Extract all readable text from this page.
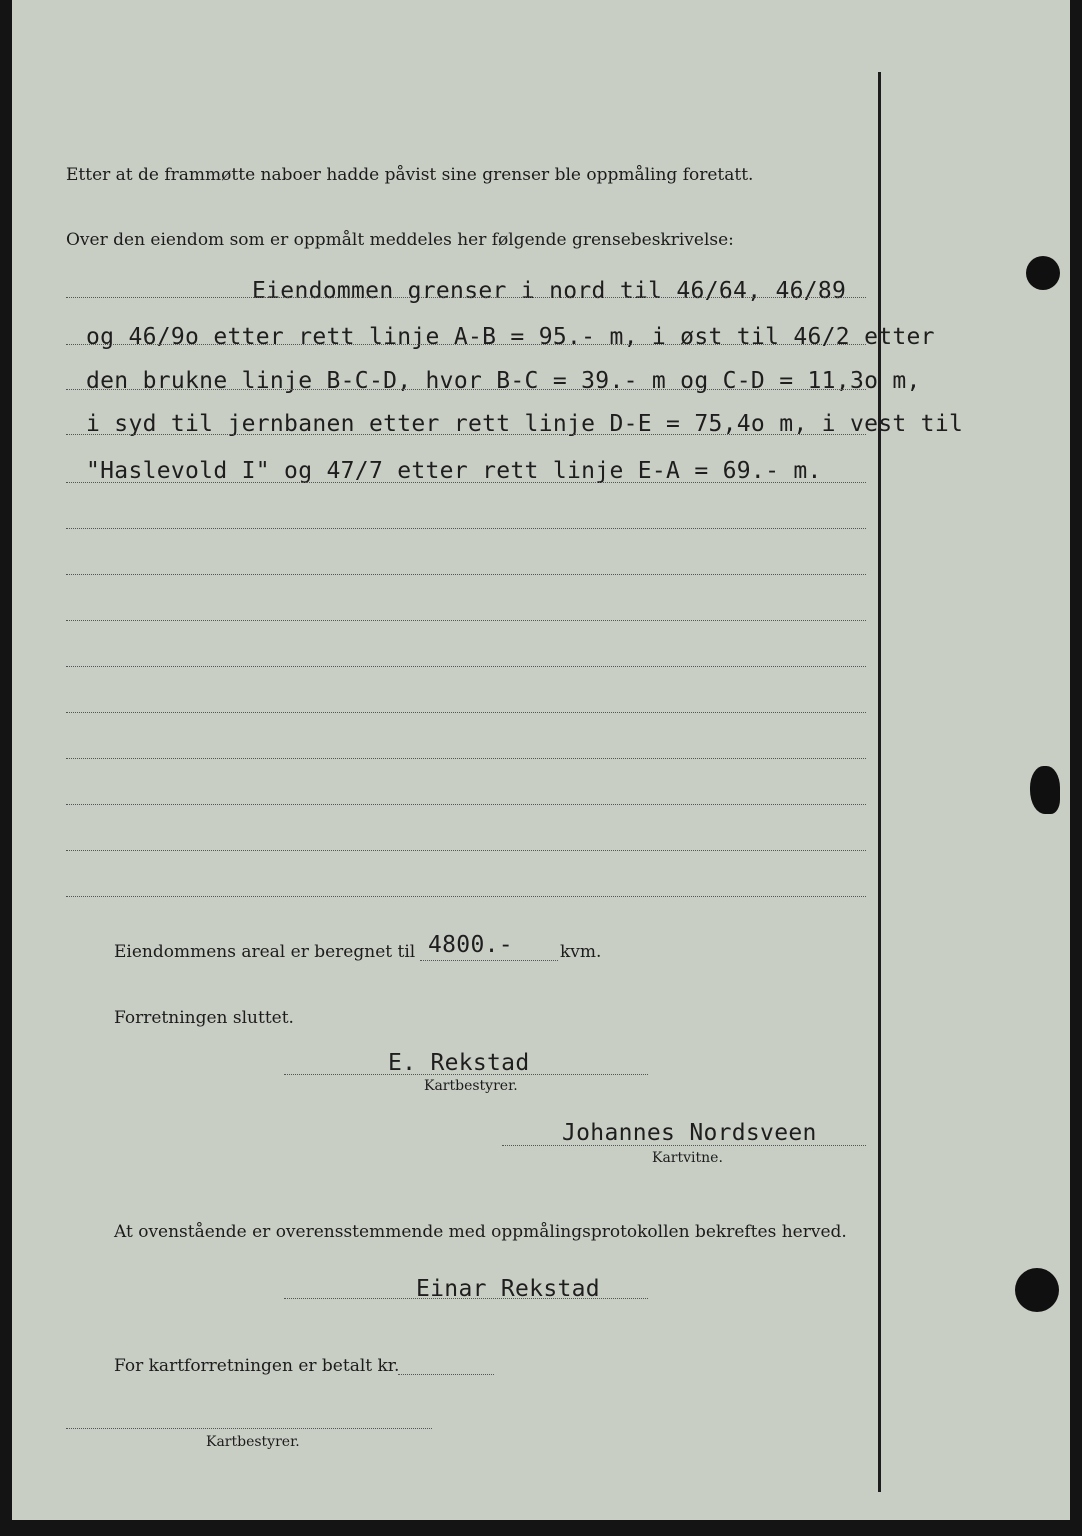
Etter at de frammøtte naboer hadde påvist sine grenser ble oppmåling foretatt.
Over den eiendom som er oppmålt meddeles her følgende grensebeskrivelse:
Eiendommen grenser i nord til 46/64, 46/89
og 46/9o etter rett linje A-B = 95.- m, i øst til 46/2 etter
den brukne linje B-C-D, hvor B-C = 39.- m og C-D = 11,3o m,
i syd til jernbanen etter rett linje D-E = 75,4o m, i vest til
"Haslevold I" og 47/7 etter rett linje E-A = 69.- m.
Eiendommens areal er beregnet til 4800.-	kvm.
Forretningen sluttet.
E. Rekstad
Kartbestyrer.
Johannes Nordsveen
Kartvitne.
At ovenstående er overensstemmende med oppmålingsprotokollen bekreftes herved.
Einar Rekstad
For kartforretningen er betalt kr.
Kartbestyrer.
